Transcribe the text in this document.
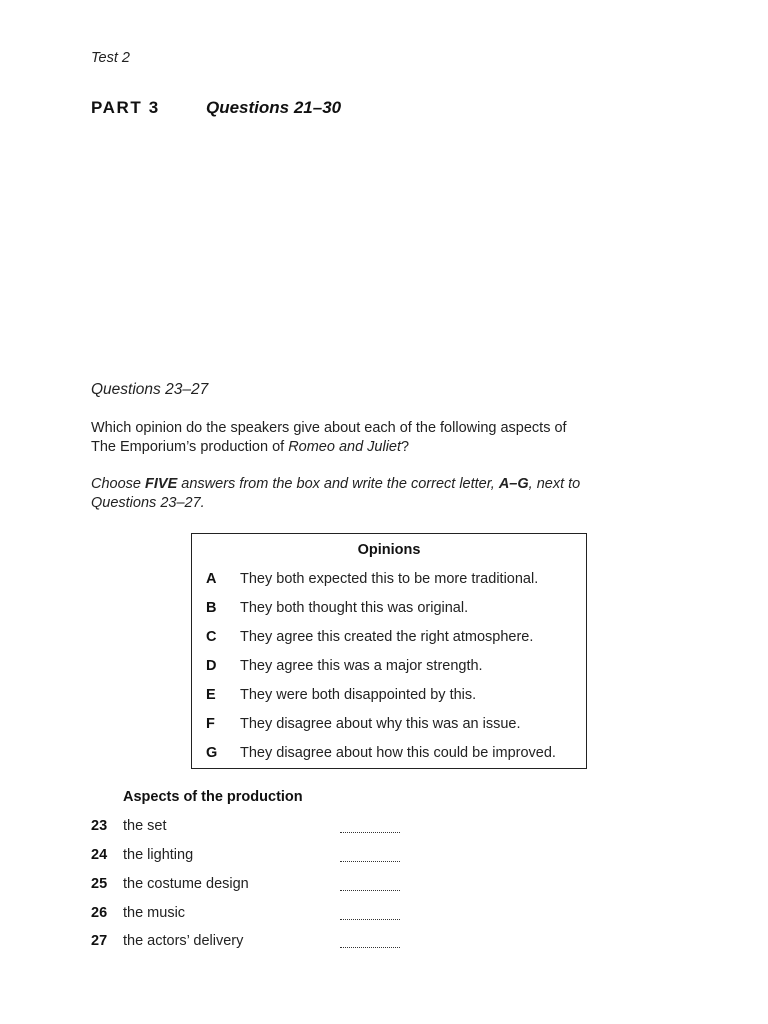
Test 2
PART 3	Questions 21–30
Questions 23–27
Which opinion do the speakers give about each of the following aspects of
The Emporium’s production of Romeo and Juliet?
Choose FIVE answers from the box and write the correct letter, A–G, next to
Questions 23–27.
Opinions
A	They both expected this to be more traditional.
B	They both thought this was original.
C	They agree this created the right atmosphere.
D	They agree this was a major strength.
E	They were both disappointed by this.
F	They disagree about why this was an issue.
G	They disagree about how this could be improved.
Aspects of the production
23 the set
24 the lighting
25 the costume design
26 the music
27 the actors’ delivery
